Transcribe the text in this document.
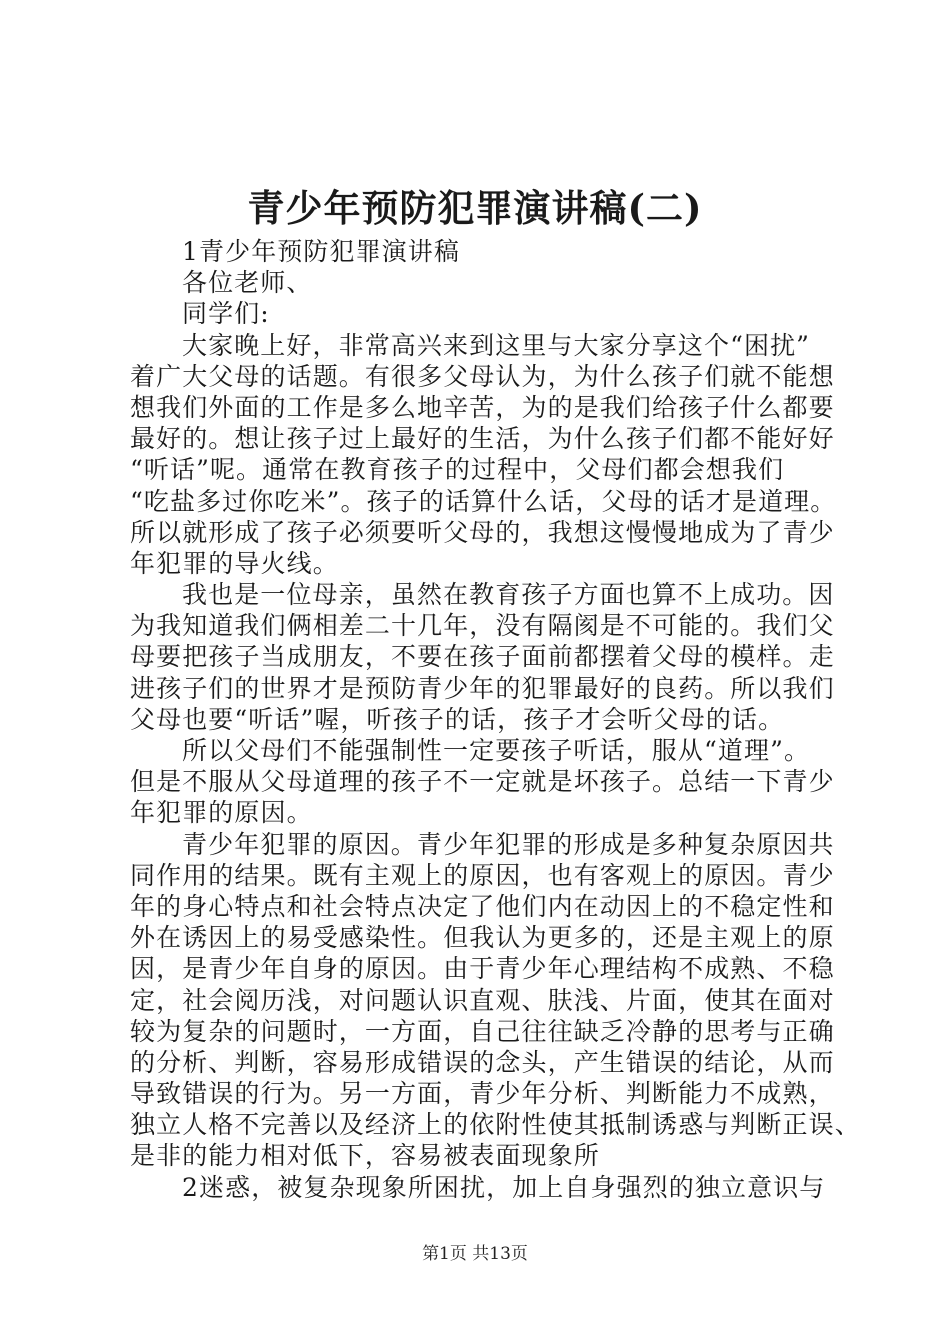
青少年预防犯罪演讲稿(二)
1青少年预防犯罪演讲稿
各位老师、
同学们:
大家晚上好，非常高兴来到这里与大家分享这个“困扰”
着广大父母的话题。有很多父母认为，为什么孩子们就不能想
想我们外面的工作是多么地辛苦，为的是我们给孩子什么都要
最好的。想让孩子过上最好的生活，为什么孩子们都不能好好
“听话”呢。通常在教育孩子的过程中，父母们都会想我们
“吃盐多过你吃米”。孩子的话算什么话，父母的话才是道理。
所以就形成了孩子必须要听父母的，我想这慢慢地成为了青少
年犯罪的导火线。
我也是一位母亲，虽然在教育孩子方面也算不上成功。因
为我知道我们俩相差二十几年，没有隔阂是不可能的。我们父
母要把孩子当成朋友，不要在孩子面前都摆着父母的模样。走
进孩子们的世界才是预防青少年的犯罪最好的良药。所以我们
父母也要“听话”喔，听孩子的话，孩子才会听父母的话。
所以父母们不能强制性一定要孩子听话，服从“道理”。
但是不服从父母道理的孩子不一定就是坏孩子。总结一下青少
年犯罪的原因。
青少年犯罪的原因。青少年犯罪的形成是多种复杂原因共
同作用的结果。既有主观上的原因，也有客观上的原因。青少
年的身心特点和社会特点决定了他们内在动因上的不稳定性和
外在诱因上的易受感染性。但我认为更多的，还是主观上的原
因，是青少年自身的原因。由于青少年心理结构不成熟、不稳
定，社会阅历浅，对问题认识直观、肤浅、片面，使其在面对
较为复杂的问题时，一方面，自己往往缺乏冷静的思考与正确
的分析、判断，容易形成错误的念头，产生错误的结论，从而
导致错误的行为。另一方面，青少年分析、判断能力不成熟，
独立人格不完善以及经济上的依附性使其抵制诱惑与判断正误、
是非的能力相对低下，容易被表面现象所
2迷惑，被复杂现象所困扰，加上自身强烈的独立意识与
第1页 共13页
